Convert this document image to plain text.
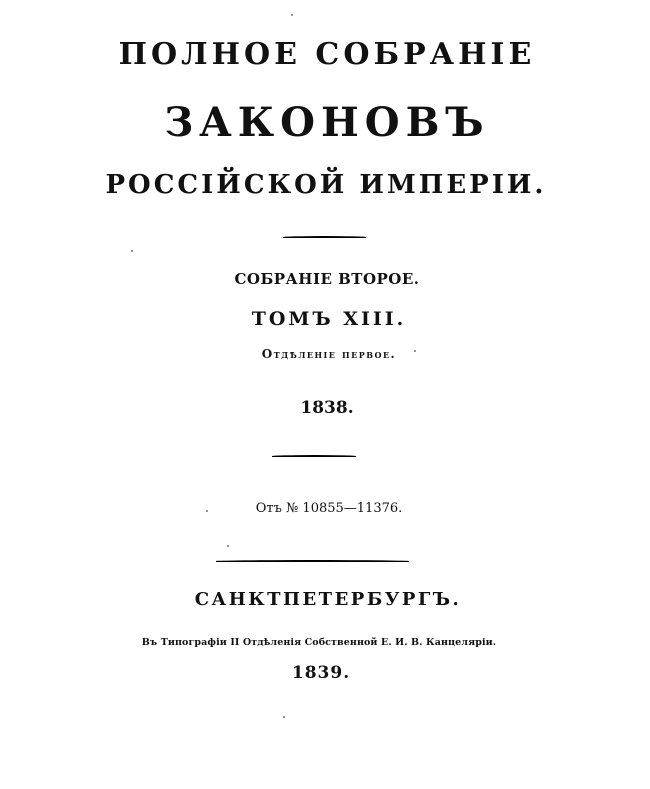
ПОЛНОЕ СОБРАНІЕ
ЗАКОНОВЪ
РОССІЙСКОЙ ИМПЕРІИ.
СОБРАНІЕ ВТОРОЕ.
ТОМЪ XIII.
Отдѣленіе первое.
1838.
Отъ № 10855—11376.
САНКТПЕТЕРБУРГЪ.
Въ Типографіи II Отдѣленія Собственной Е. И. В. Канцеляріи.
1839.
